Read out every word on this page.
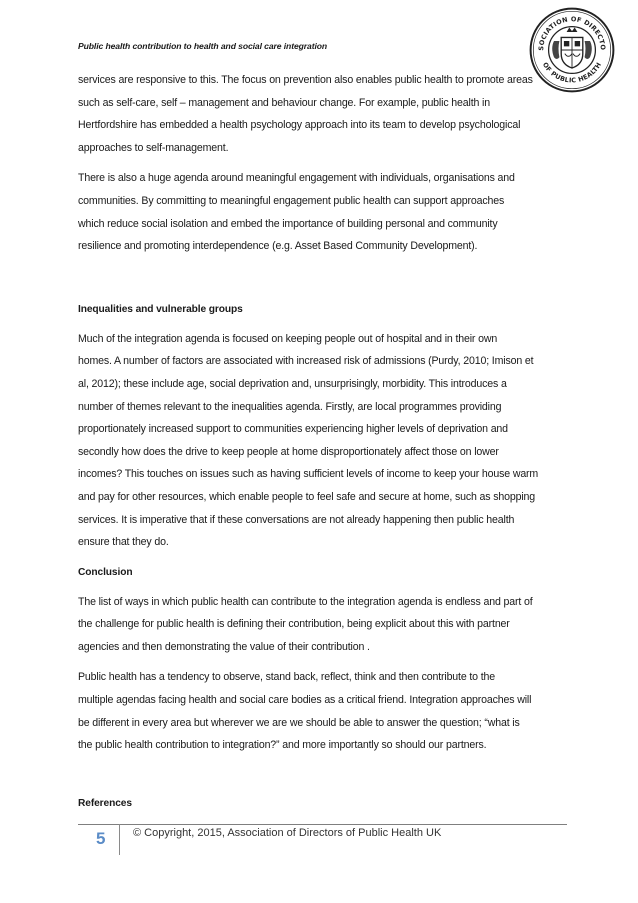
Public health contribution to health and social care integration	SOCIATION OF DIRECTO
OF PUBLIC HEALTH
services are responsive to this. The focus on prevention also enables public health to promote areas
such as self-care, self – management and behaviour change. For example, public health in
Hertfordshire has embedded a health psychology approach into its team to develop psychological
approaches to self-management.
There is also a huge agenda around meaningful engagement with individuals, organisations and
communities. By committing to meaningful engagement public health can support approaches
which reduce social isolation and embed the importance of building personal and community
resilience and promoting interdependence (e.g. Asset Based Community Development).
Inequalities and vulnerable groups
Much of the integration agenda is focused on keeping people out of hospital and in their own
homes. A number of factors are associated with increased risk of admissions (Purdy, 2010; Imison et
al, 2012); these include age, social deprivation and, unsurprisingly, morbidity. This introduces a
number of themes relevant to the inequalities agenda. Firstly, are local programmes providing
proportionately increased support to communities experiencing higher levels of deprivation and
secondly how does the drive to keep people at home disproportionately affect those on lower
incomes? This touches on issues such as having sufficient levels of income to keep your house warm
and pay for other resources, which enable people to feel safe and secure at home, such as shopping
services. It is imperative that if these conversations are not already happening then public health
ensure that they do.
Conclusion
The list of ways in which public health can contribute to the integration agenda is endless and part of
the challenge for public health is defining their contribution, being explicit about this with partner
agencies and then demonstrating the value of their contribution .
Public health has a tendency to observe, stand back, reflect, think and then contribute to the
multiple agendas facing health and social care bodies as a critical friend. Integration approaches will
be different in every area but wherever we are we should be able to answer the question; “what is
the public health contribution to integration?” and more importantly so should our partners.
References
5	© Copyright, 2015, Association of Directors of Public Health UK
